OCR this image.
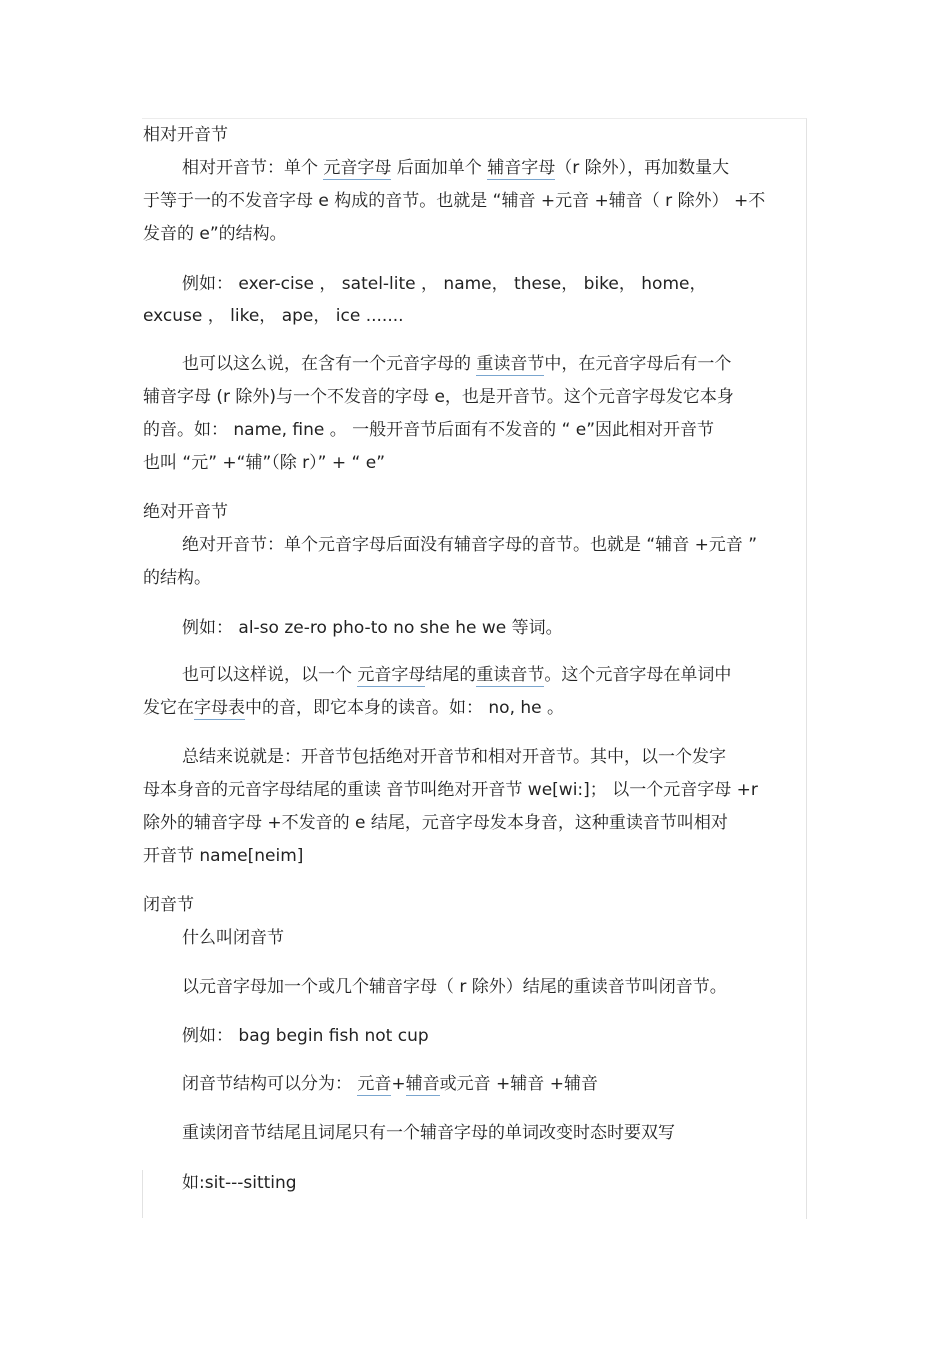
相对开音节
相对开音节：单个 元音字母 后面加单个 辅音字母（r 除外），再加数量大
于等于一的不发音字母 e 构成的音节。也就是 “辅音 +元音 +辅音（ r 除外） +不
发音的 e”的结构。
例如： exer-cise ， satel-lite ， name， these， bike， home，
excuse ， like， ape， ice .......
也可以这么说，在含有一个元音字母的 重读音节中，在元音字母后有一个
辅音字母 (r 除外)与一个不发音的字母 e，也是开音节。这个元音字母发它本身
的音。如： name, fine 。 一般开音节后面有不发音的 “ e”因此相对开音节
也叫 “元” +“辅”（除 r）” + “ e”
绝对开音节
绝对开音节：单个元音字母后面没有辅音字母的音节。也就是 “辅音 +元音 ”
的结构。
例如： al-so ze-ro pho-to no she he we 等词。
也可以这样说，以一个 元音字母结尾的重读音节。这个元音字母在单词中
发它在字母表中的音，即它本身的读音。如： no, he 。
总结来说就是：开音节包括绝对开音节和相对开音节。其中，以一个发字
母本身音的元音字母结尾的重读 音节叫绝对开音节 we[wi:]； 以一个元音字母 +r
除外的辅音字母 +不发音的 e 结尾，元音字母发本身音，这种重读音节叫相对
开音节 name[neim]
闭音节
什么叫闭音节
以元音字母加一个或几个辅音字母（ r 除外）结尾的重读音节叫闭音节。
例如： bag begin fish not cup
闭音节结构可以分为： 元音+辅音或元音 +辅音 +辅音
重读闭音节结尾且词尾只有一个辅音字母的单词改变时态时要双写
如:sit---sitting
